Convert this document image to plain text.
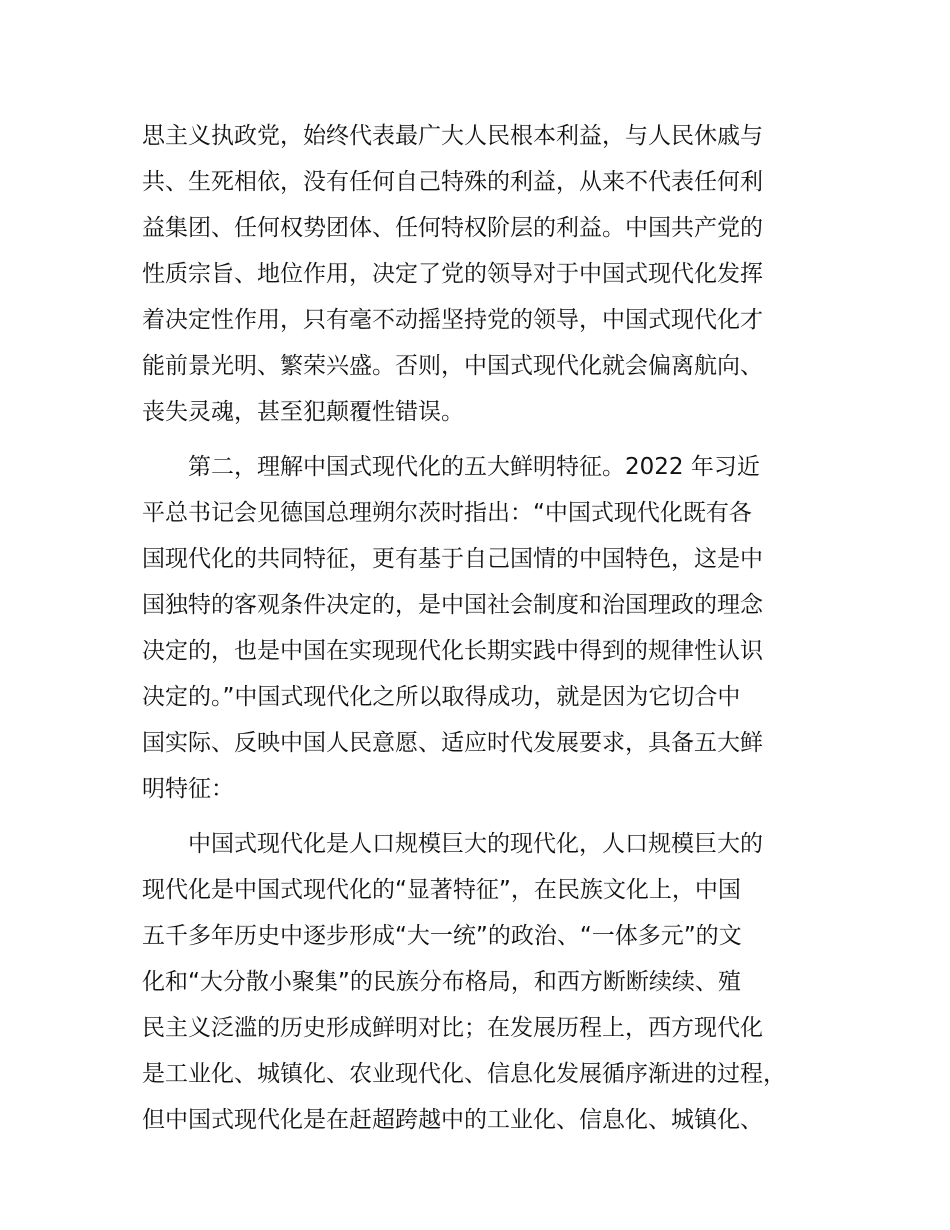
思主义执政党，始终代表最广大人民根本利益，与人民休戚与
共、生死相依，没有任何自己特殊的利益，从来不代表任何利
益集团、任何权势团体、任何特权阶层的利益。中国共产党的
性质宗旨、地位作用，决定了党的领导对于中国式现代化发挥
着决定性作用，只有毫不动摇坚持党的领导，中国式现代化才
能前景光明、繁荣兴盛。否则，中国式现代化就会偏离航向、
丧失灵魂，甚至犯颠覆性错误。
第二，理解中国式现代化的五大鲜明特征。2022 年习近
平总书记会见德国总理朔尔茨时指出：“中国式现代化既有各
国现代化的共同特征，更有基于自己国情的中国特色，这是中
国独特的客观条件决定的，是中国社会制度和治国理政的理念
决定的，也是中国在实现现代化长期实践中得到的规律性认识
决定的。”中国式现代化之所以取得成功，就是因为它切合中
国实际、反映中国人民意愿、适应时代发展要求，具备五大鲜
明特征：
中国式现代化是人口规模巨大的现代化，人口规模巨大的
现代化是中国式现代化的“显著特征”，在民族文化上，中国
五千多年历史中逐步形成“大一统”的政治、“一体多元”的文
化和“大分散小聚集”的民族分布格局，和西方断断续续、殖
民主义泛滥的历史形成鲜明对比；在发展历程上，西方现代化
是工业化、城镇化、农业现代化、信息化发展循序渐进的过程，
但中国式现代化是在赶超跨越中的工业化、信息化、城镇化、
